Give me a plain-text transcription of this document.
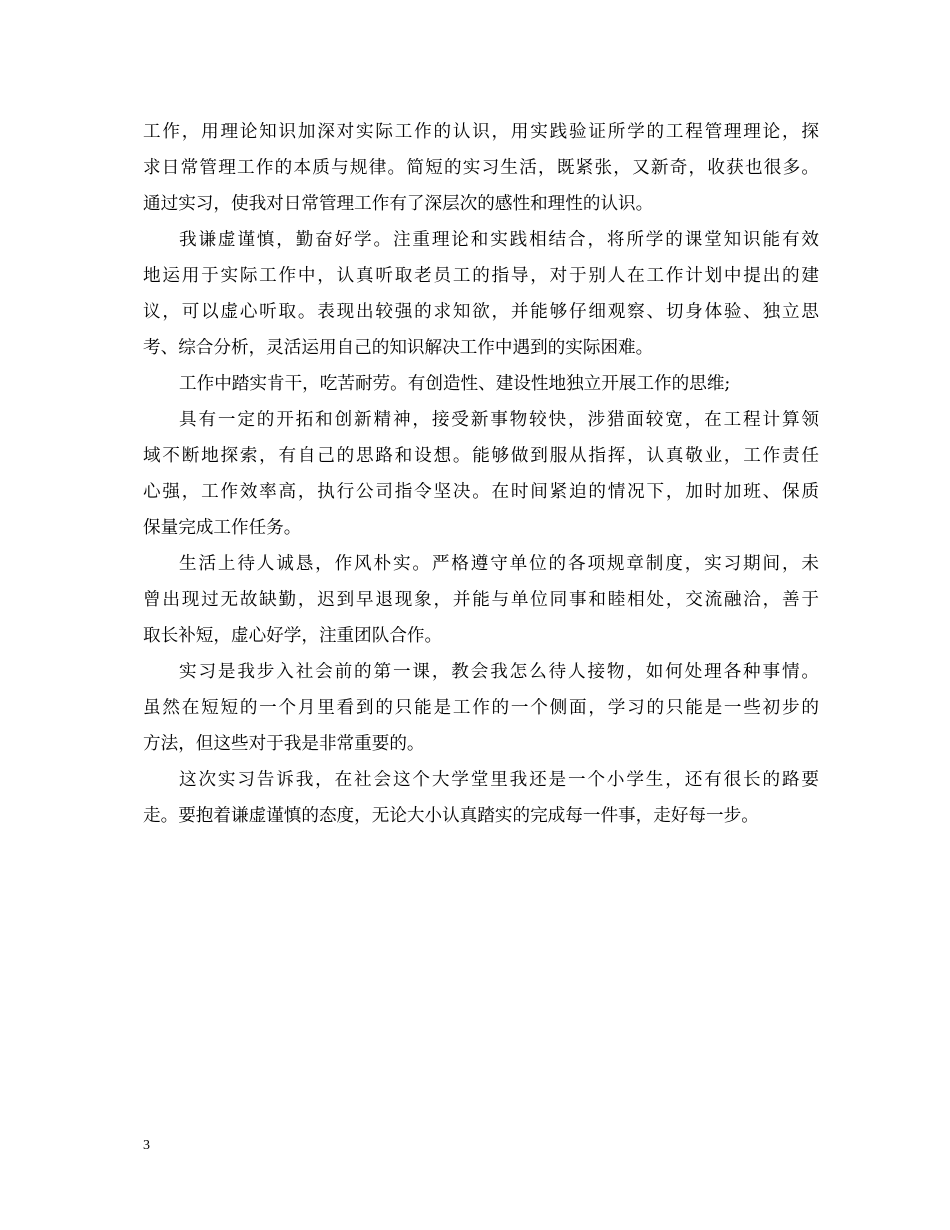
工作，用理论知识加深对实际工作的认识，用实践验证所学的工程管理理论，探
求日常管理工作的本质与规律。简短的实习生活，既紧张，又新奇，收获也很多。
通过实习，使我对日常管理工作有了深层次的感性和理性的认识。
我谦虚谨慎，勤奋好学。注重理论和实践相结合，将所学的课堂知识能有效
地运用于实际工作中，认真听取老员工的指导，对于别人在工作计划中提出的建
议，可以虚心听取。表现出较强的求知欲，并能够仔细观察、切身体验、独立思
考、综合分析，灵活运用自己的知识解决工作中遇到的实际困难。
工作中踏实肯干，吃苦耐劳。有创造性、建设性地独立开展工作的思维;
具有一定的开拓和创新精神，接受新事物较快，涉猎面较宽，在工程计算领
域不断地探索，有自己的思路和设想。能够做到服从指挥，认真敬业，工作责任
心强，工作效率高，执行公司指令坚决。在时间紧迫的情况下，加时加班、保质
保量完成工作任务。
生活上待人诚恳，作风朴实。严格遵守单位的各项规章制度，实习期间，未
曾出现过无故缺勤，迟到早退现象，并能与单位同事和睦相处，交流融洽，善于
取长补短，虚心好学，注重团队合作。
实习是我步入社会前的第一课，教会我怎么待人接物，如何处理各种事情。
虽然在短短的一个月里看到的只能是工作的一个侧面，学习的只能是一些初步的
方法，但这些对于我是非常重要的。
这次实习告诉我，在社会这个大学堂里我还是一个小学生，还有很长的路要
走。要抱着谦虚谨慎的态度，无论大小认真踏实的完成每一件事，走好每一步。
3
